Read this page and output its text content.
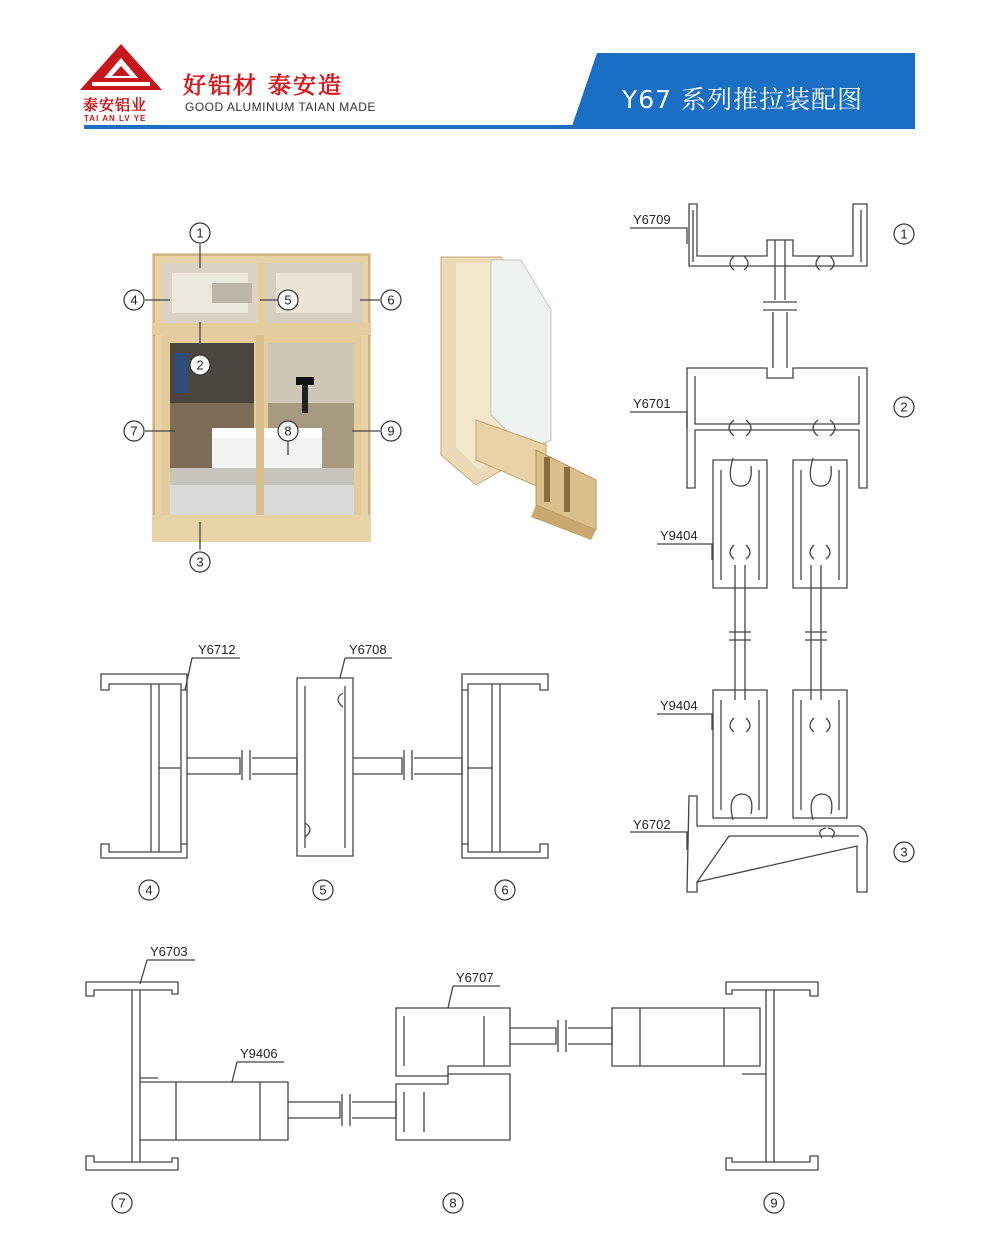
泰安铝业
TAI AN LV YE
好铝材 泰安造
GOOD ALUMINUM TAIAN MADE	Y67 系列推拉装配图
1
4	5	6
2
7	8	9
3
1
2
3
4	5	6
7	8	9
Y6709
Y6701
Y9404
Y9404
Y6702
Y6712	Y6708
Y6703
Y9406
Y6707
